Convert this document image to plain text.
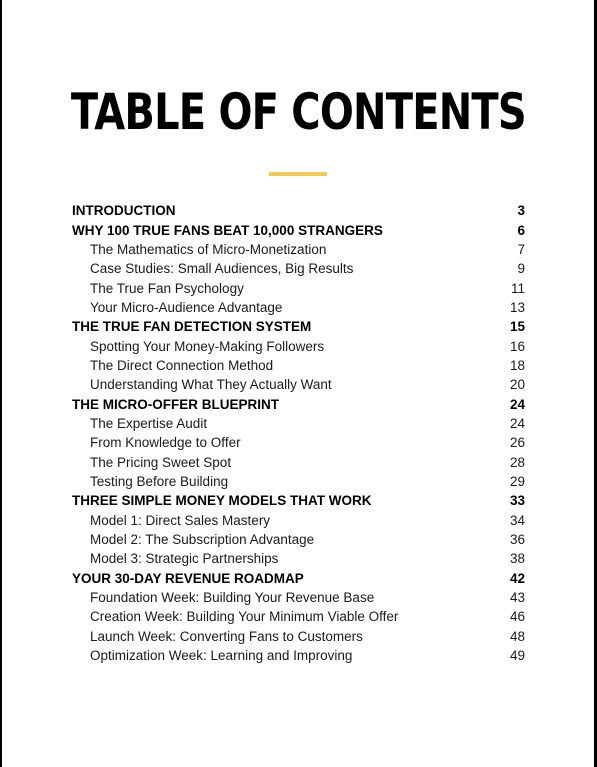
TABLE OF CONTENTS
INTRODUCTION	3
WHY 100 TRUE FANS BEAT 10,000 STRANGERS	6
The Mathematics of Micro-Monetization	7
Case Studies: Small Audiences, Big Results	9
The True Fan Psychology	11
Your Micro-Audience Advantage	13
THE TRUE FAN DETECTION SYSTEM	15
Spotting Your Money-Making Followers	16
The Direct Connection Method	18
Understanding What They Actually Want	20
THE MICRO-OFFER BLUEPRINT	24
The Expertise Audit	24
From Knowledge to Offer	26
The Pricing Sweet Spot	28
Testing Before Building	29
THREE SIMPLE MONEY MODELS THAT WORK	33
Model 1: Direct Sales Mastery	34
Model 2: The Subscription Advantage	36
Model 3: Strategic Partnerships	38
YOUR 30-DAY REVENUE ROADMAP	42
Foundation Week: Building Your Revenue Base	43
Creation Week: Building Your Minimum Viable Offer	46
Launch Week: Converting Fans to Customers	48
Optimization Week: Learning and Improving	49
